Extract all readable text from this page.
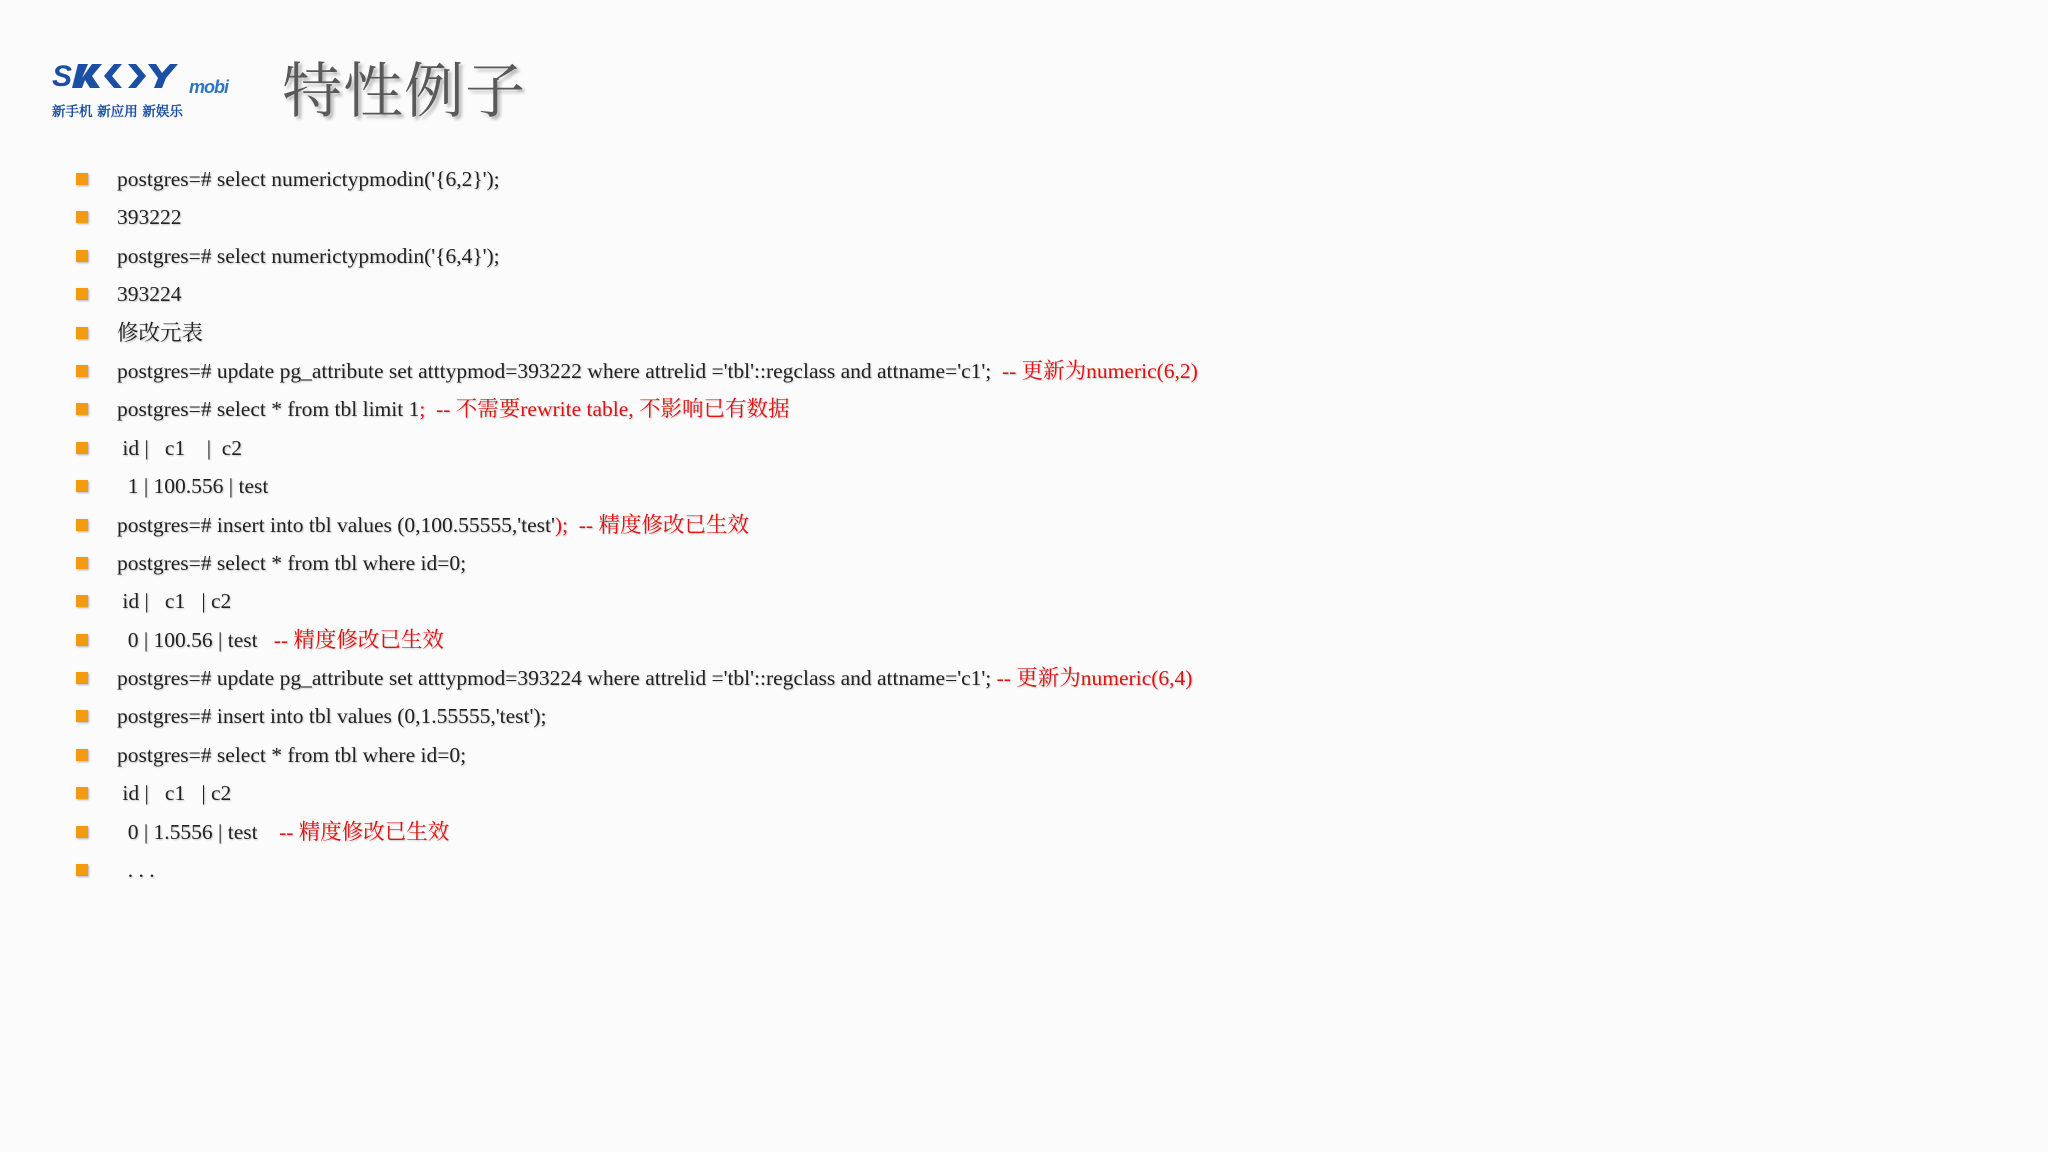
S	mobi
新手机 新应用 新娱乐	特性例子
postgres=# select numerictypmodin('{6,2}');
393222
postgres=# select numerictypmodin('{6,4}');
393224
修改元表
postgres=# update pg_attribute set atttypmod=393222 where attrelid ='tbl'::regclass and attname='c1';  -- 更新为numeric(6,2)
postgres=# select * from tbl limit 1;  -- 不需要rewrite table, 不影响已有数据
id |   c1    |  c2
1 | 100.556 | test
postgres=# insert into tbl values (0,100.55555,'test');  -- 精度修改已生效
postgres=# select * from tbl where id=0;
id |   c1   | c2
0 | 100.56 | test   -- 精度修改已生效
postgres=# update pg_attribute set atttypmod=393224 where attrelid ='tbl'::regclass and attname='c1'; -- 更新为numeric(6,4)
postgres=# insert into tbl values (0,1.55555,'test');
postgres=# select * from tbl where id=0;
id |   c1   | c2
0 | 1.5556 | test    -- 精度修改已生效
. . .
